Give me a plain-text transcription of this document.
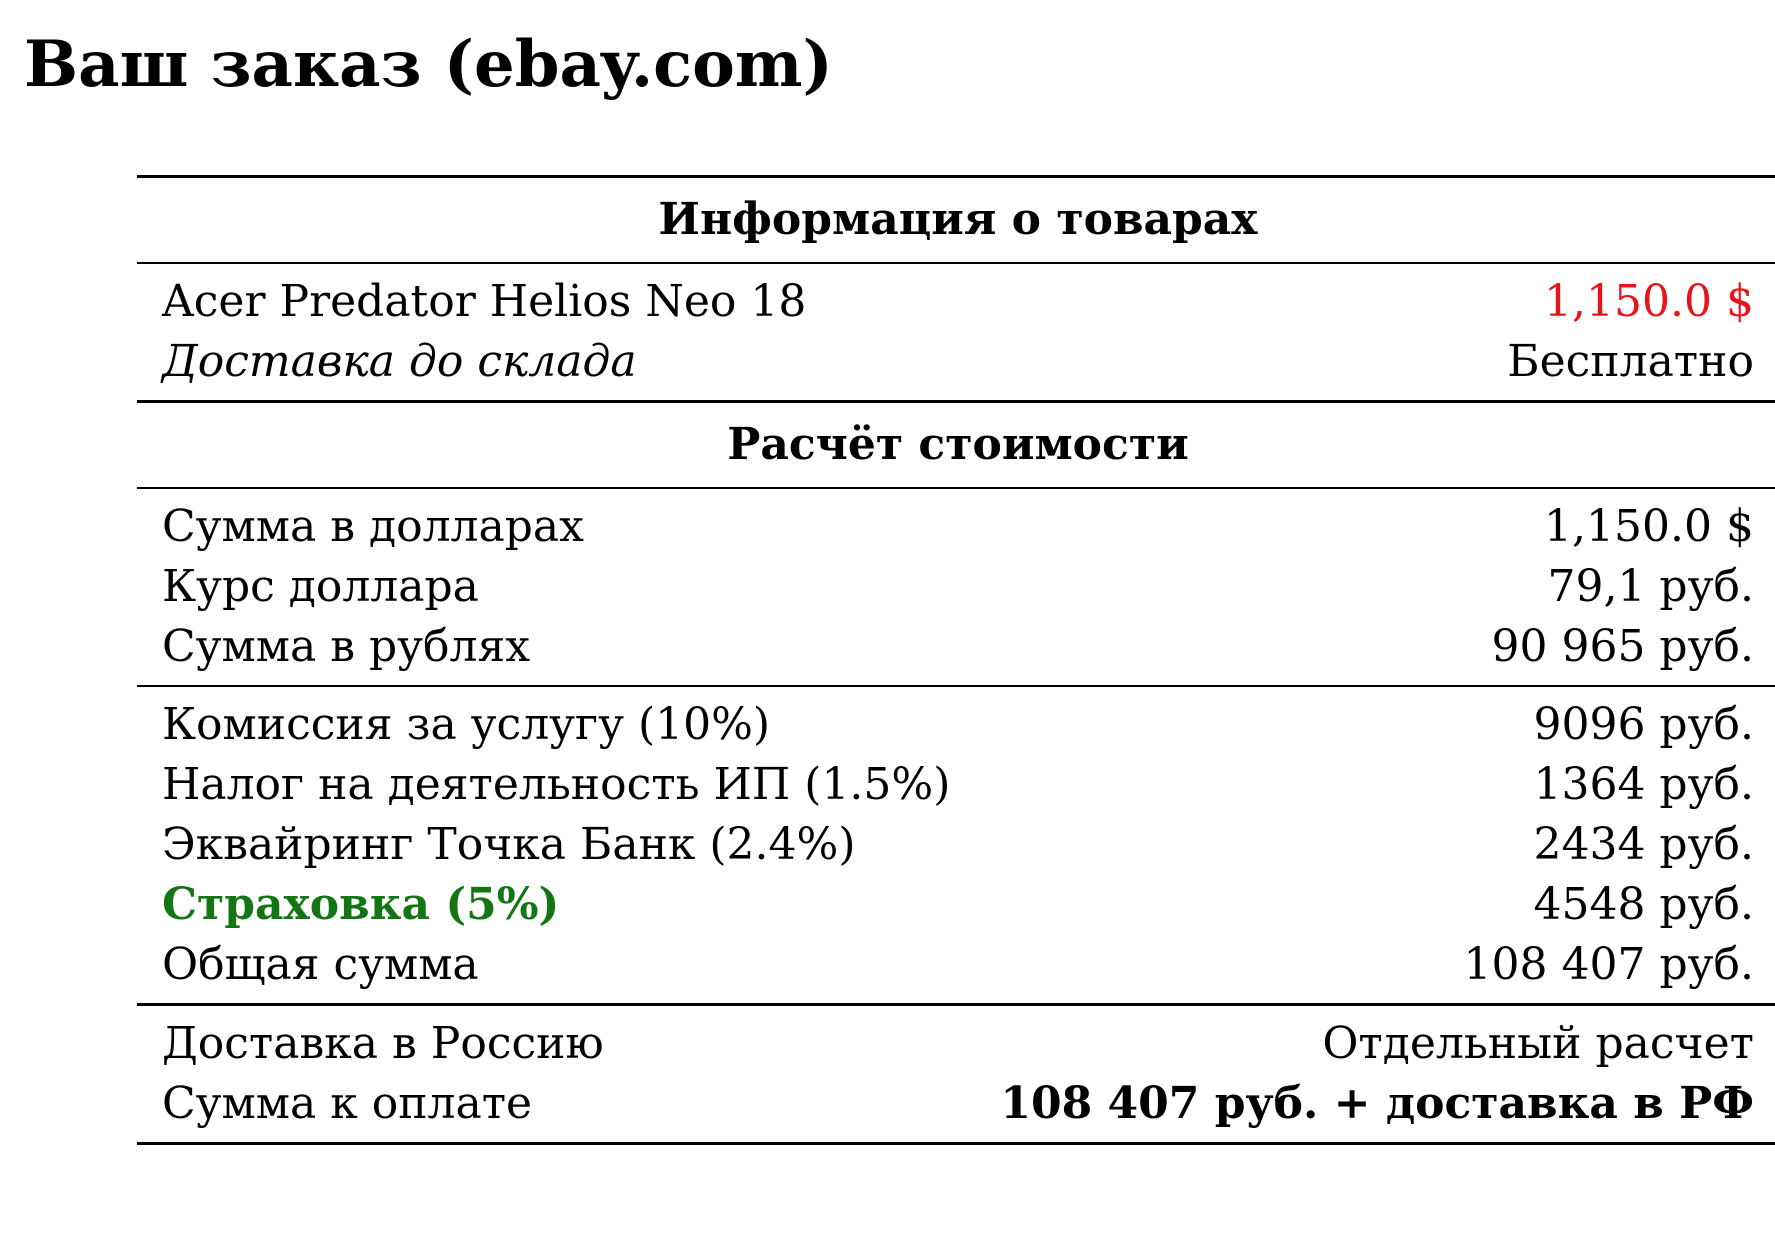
Ваш заказ (ebay.com)
Информация о товарах	
Acer Predator Helios Neo 18	1,150.0 $
Доставка до склада	Бесплатно
Расчёт стоимости	
Сумма в долларах	1,150.0 $
Курс доллара	79,1 руб.
Сумма в рублях	90 965 руб.
Комиссия за услугу (10%)	9096 руб.
Налог на деятельность ИП (1.5%)	1364 руб.
Эквайринг Точка Банк (2.4%)	2434 руб.
Страховка (5%)	4548 руб.
Общая сумма	108 407 руб.
Доставка в Россию	Отдельный расчет
Сумма к оплате	108 407 руб. + доставка в РФ
